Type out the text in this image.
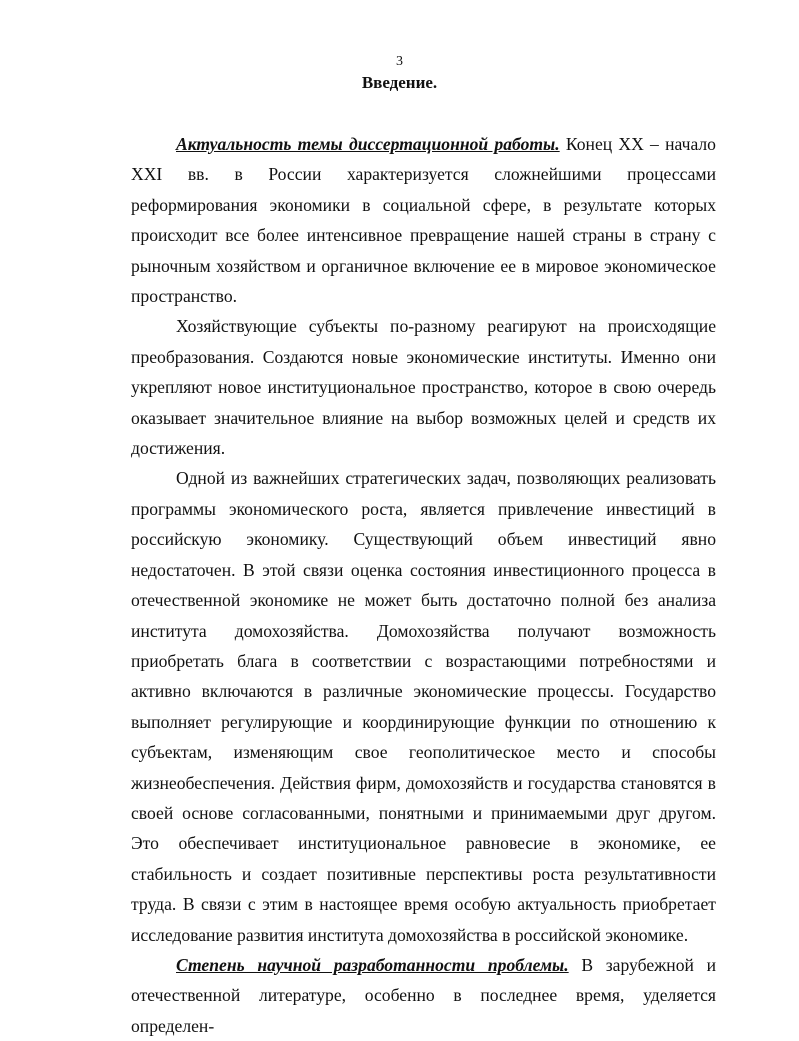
3
Введение.

Актуальность темы диссертационной работы. Конец XX – начало XXI вв. в России характеризуется сложнейшими процессами реформирования экономики в социальной сфере, в результате которых происходит все более интенсивное превращение нашей страны в страну с рыночным хозяйством и органичное включение ее в мировое экономическое пространство.

Хозяйствующие субъекты по-разному реагируют на происходящие преобразования. Создаются новые экономические институты. Именно они укрепляют новое институциональное пространство, которое в свою очередь оказывает значительное влияние на выбор возможных целей и средств их достижения.

Одной из важнейших стратегических задач, позволяющих реализовать программы экономического роста, является привлечение инвестиций в российскую экономику. Существующий объем инвестиций явно недостаточен. В этой связи оценка состояния инвестиционного процесса в отечественной экономике не может быть достаточно полной без анализа института домохозяйства. Домохозяйства получают возможность приобретать блага в соответствии с возрастающими потребностями и активно включаются в различные экономические процессы. Государство выполняет регулирующие и координирующие функции по отношению к субъектам, изменяющим свое геополитическое место и способы жизнеобеспечения. Действия фирм, домохозяйств и государства становятся в своей основе согласованными, понятными и принимаемыми друг другом. Это обеспечивает институциональное равновесие в экономике, ее стабильность и создает позитивные перспективы роста результативности труда. В связи с этим в настоящее время особую актуальность приобретает исследование развития института домохозяйства в российской экономике.

Степень научной разработанности проблемы. В зарубежной и отечественной литературе, особенно в последнее время, уделяется определен-
